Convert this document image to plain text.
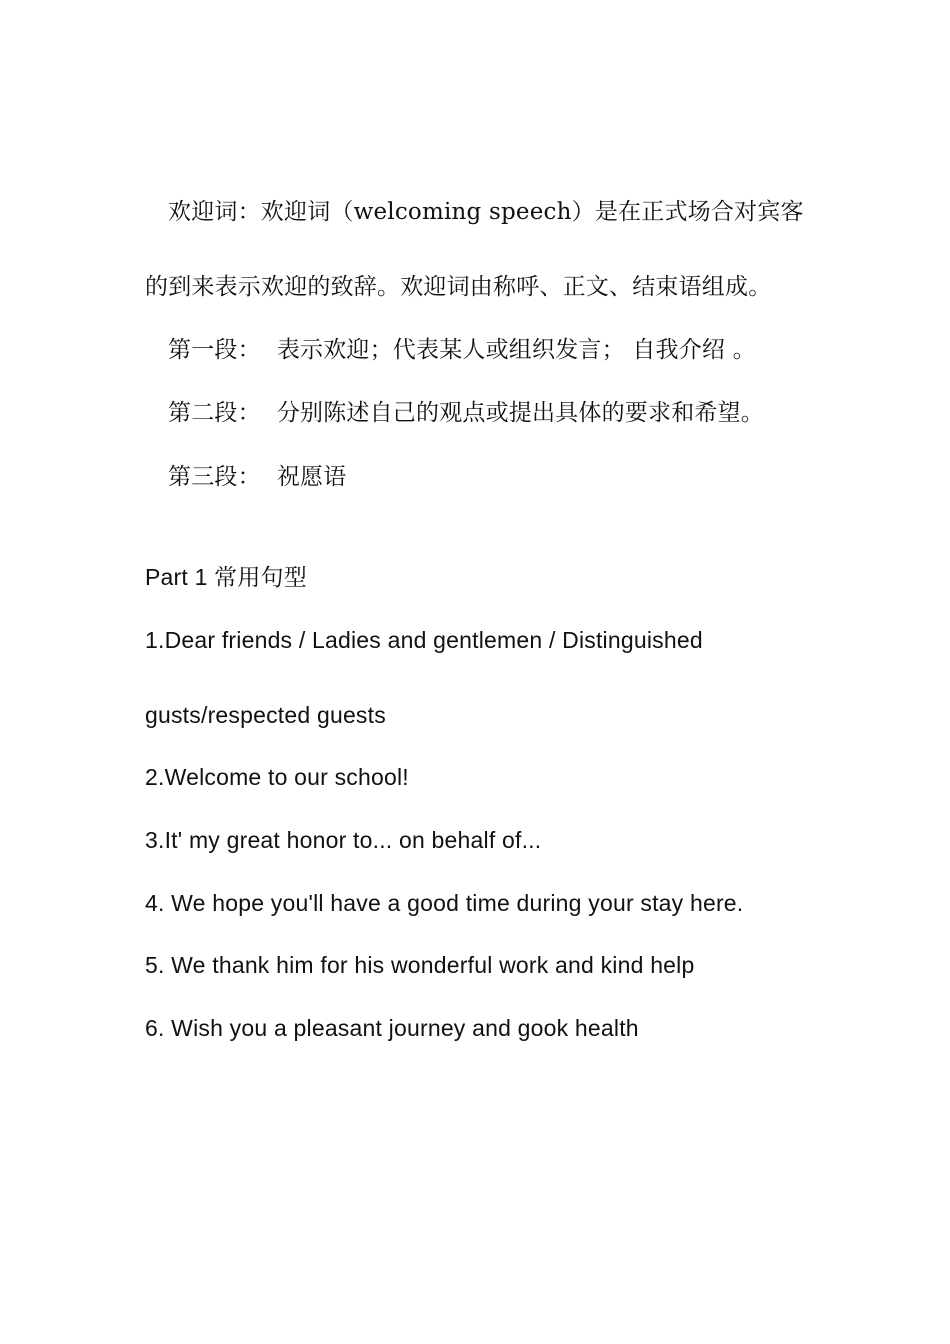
欢迎词：欢迎词（welcoming speech）是在正式场合对宾客
的到来表示欢迎的致辞。欢迎词由称呼、正文、结束语组成。
第一段： 表示欢迎；代表某人或组织发言； 自我介绍 。
第二段： 分别陈述自己的观点或提出具体的要求和希望。
第三段： 祝愿语
Part 1 常用句型
1.Dear friends / Ladies and gentlemen / Distinguished
gusts/respected guests
2.Welcome to our school!
3.It' my great honor to... on behalf of...
4. We hope you'll have a good time during your stay here.
5. We thank him for his wonderful work and kind help
6. Wish you a pleasant journey and gook health
